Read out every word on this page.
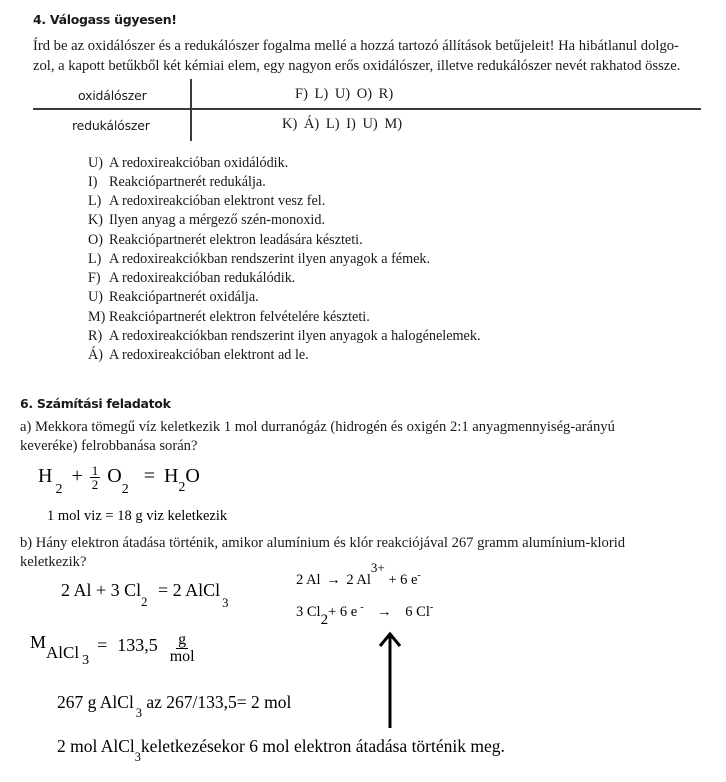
4. Válogass ügyesen!
Írd be az oxidálószer és a redukálószer fogalma mellé a hozzá tartozó állítások betűjeleit! Ha hibátlanul dolgo-
zol, a kapott betűkből két kémiai elem, egy nagyon erős oxidálószer, illetve redukálószer nevét rakhatod össze.
oxidálószer	F) L) U) O) R)
redukálószer	K) Á) L) I) U) M)
U) A redoxireakcióban oxidálódik.
I) Reakciópartnerét redukálja.
L) A redoxireakcióban elektront vesz fel.
K) Ilyen anyag a mérgező szén-monoxid.
O) Reakciópartnerét elektron leadására készteti.
L) A redoxireakciókban rendszerint ilyen anyagok a fémek.
F) A redoxireakcióban redukálódik.
U) Reakciópartnerét oxidálja.
M) Reakciópartnerét elektron felvételére készteti.
R) A redoxireakciókban rendszerint ilyen anyagok a halogénelemek.
Á) A redoxireakcióban elektront ad le.
6. Számítási feladatok
a) Mekkora tömegű víz keletkezik 1 mol durranógáz (hidrogén és oxigén 2:1 anyagmennyiség-arányú
keveréke) felrobbanása során?
$H_2 + \frac{1}{2} O_2 = H_2O$
1 mol viz = 18 g viz keletkezik
b) Hány elektron átadása történik, amikor alumínium és klór reakciójával 267 gramm alumínium-klorid
keletkezik?
2 Al + 3 $Cl_2 = 2$ AlCl$_3$
2 Al → 2 $Al^{3+} + 6$ e-
3 $Cl_2+ 6$ e - → 6 Cl-
M AlCl 3
= $133,5 \frac{g}{\text{mol}}$
267 g AlCl$_3$ az 267/133,5= 2 mol
2 mol AlCl$_3$keletkezésekor 6 mol elektron átadása történik meg.
